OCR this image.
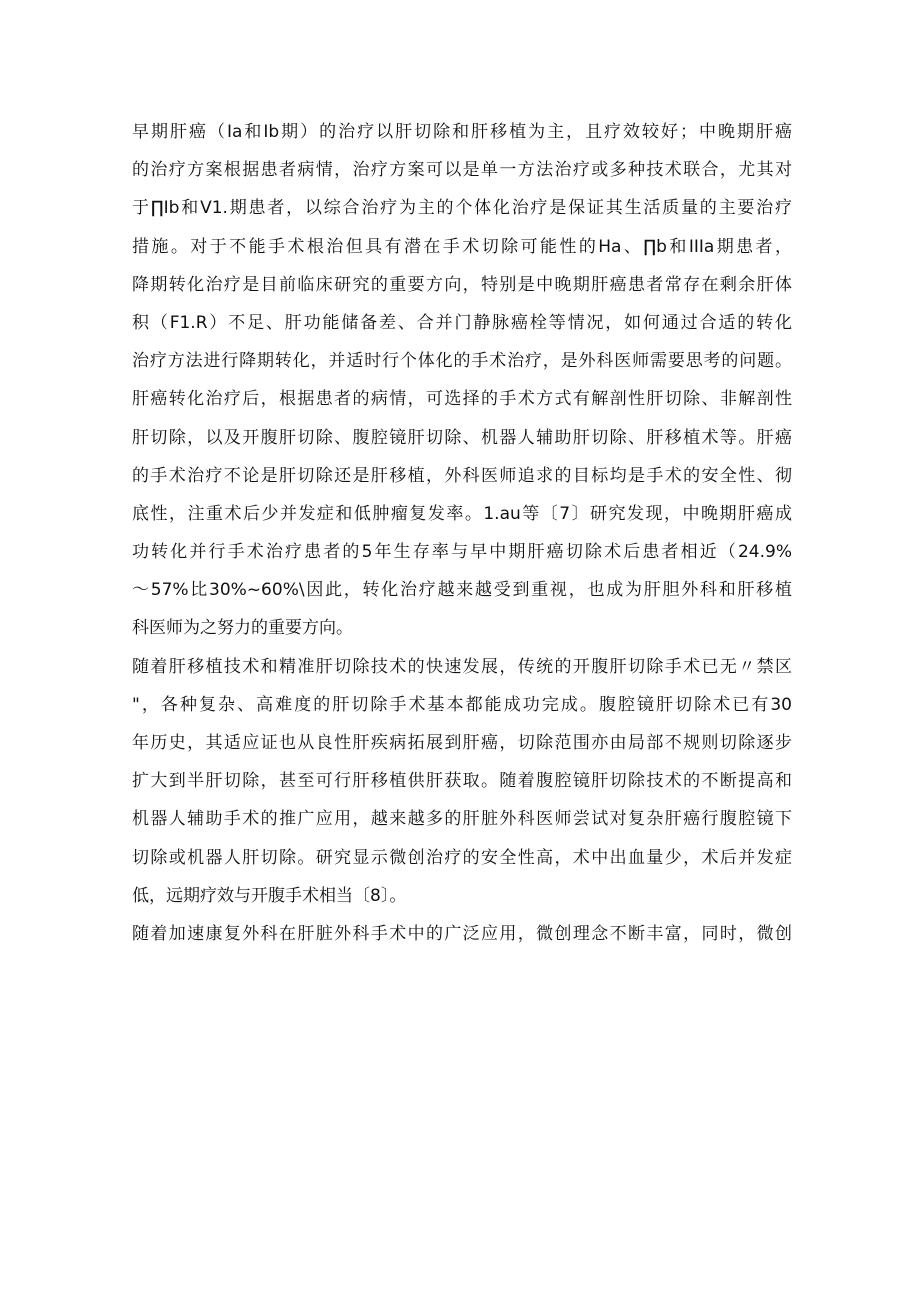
早期肝癌（Ia和Ib期）的治疗以肝切除和肝移植为主，且疗效较好；中晚期肝癌
的治疗方案根据患者病情，治疗方案可以是单一方法治疗或多种技术联合，尤其对
于∏Ib和V1.期患者，以综合治疗为主的个体化治疗是保证其生活质量的主要治疗
措施。对于不能手术根治但具有潜在手术切除可能性的Ha、∏b和IIIa期患者，
降期转化治疗是目前临床研究的重要方向，特别是中晚期肝癌患者常存在剩余肝体
积（F1.R）不足、肝功能储备差、合并门静脉癌栓等情况，如何通过合适的转化
治疗方法进行降期转化，并适时行个体化的手术治疗，是外科医师需要思考的问题。
肝癌转化治疗后，根据患者的病情，可选择的手术方式有解剖性肝切除、非解剖性
肝切除，以及开腹肝切除、腹腔镜肝切除、机器人辅助肝切除、肝移植术等。肝癌
的手术治疗不论是肝切除还是肝移植，外科医师追求的目标均是手术的安全性、彻
底性，注重术后少并发症和低肿瘤复发率。1.au等〔7〕研究发现，中晚期肝癌成
功转化并行手术治疗患者的5年生存率与早中期肝癌切除术后患者相近（24.9%
～57%比30%~60%\因此，转化治疗越来越受到重视，也成为肝胆外科和肝移植
科医师为之努力的重要方向。
随着肝移植技术和精准肝切除技术的快速发展，传统的开腹肝切除手术已无〃禁区
"，各种复杂、高难度的肝切除手术基本都能成功完成。腹腔镜肝切除术已有30
年历史，其适应证也从良性肝疾病拓展到肝癌，切除范围亦由局部不规则切除逐步
扩大到半肝切除，甚至可行肝移植供肝获取。随着腹腔镜肝切除技术的不断提高和
机器人辅助手术的推广应用，越来越多的肝脏外科医师尝试对复杂肝癌行腹腔镜下
切除或机器人肝切除。研究显示微创治疗的安全性高，术中出血量少，术后并发症
低，远期疗效与开腹手术相当〔8〕。
随着加速康复外科在肝脏外科手术中的广泛应用，微创理念不断丰富，同时，微创
